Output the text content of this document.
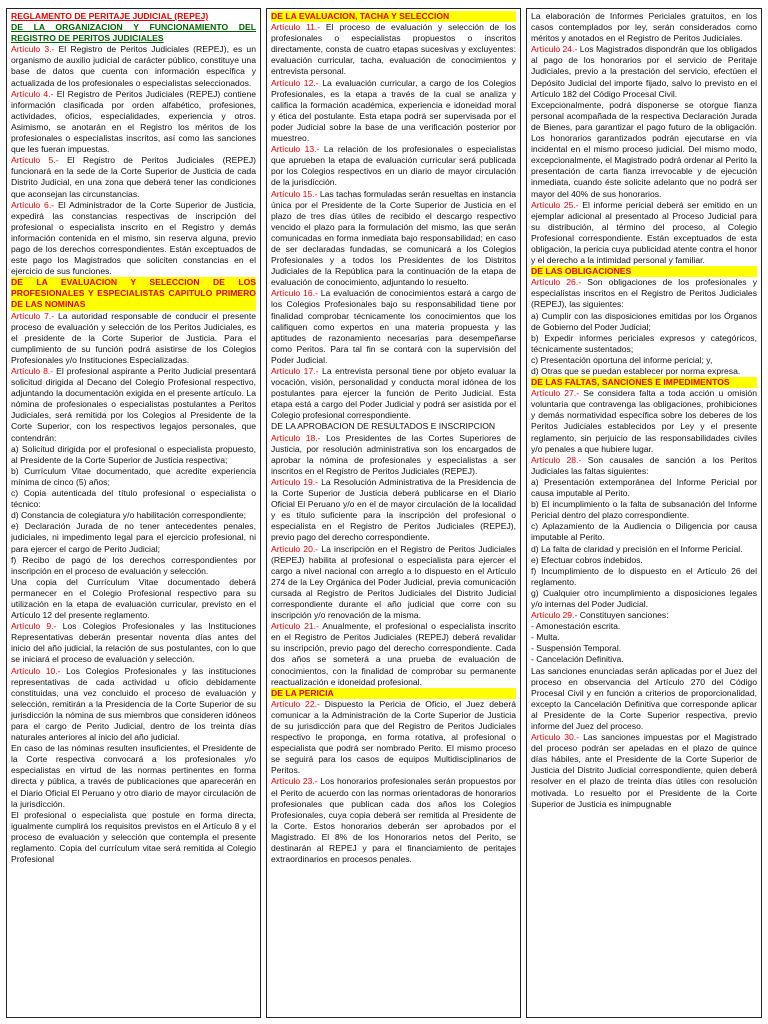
REGLAMENTO DE PERITAJE JUDICIAL (REPEJ)

DE LA ORGANIZACION Y FUNCIONAMIENTO DEL REGISTRO DE PERITOS JUDICIALES

Artículo 3.- El Registro de Peritos Judiciales (REPEJ), es un organismo de auxilio judicial de carácter público, constituye una base de datos que cuenta con información específica y actualizada de los profesionales o especialistas seleccionados.

Artículo 4.- El Registro de Peritos Judiciales (REPEJ) contiene información clasificada por orden alfabético, profesiones, actividades, oficios, especialidades, experiencia y otros. Asimismo, se anotarán en el Registro los méritos de los profesionales o especialistas inscritos, así como las sanciones que les fueran impuestas.

Artículo 5.- El Registro de Peritos Judiciales (REPEJ) funcionará en la sede de la Corte Superior de Justicia de cada Distrito Judicial, en una zona que deberá tener las condiciones que aconsejan las circunstancias.

Artículo 6.- El Administrador de la Corte Superior de Justicia, expedirá las constancias respectivas de inscripción del profesional o especialista inscrito en el Registro y demás información contenida en el mismo, sin reserva alguna, previo pago de los derechos correspondientes. Están exceptuados de este pago los Magistrados que soliciten constancias en el ejercicio de sus funciones.

DE LA EVALUACION Y SELECCION DE LOS PROFESIONALES Y ESPECIALISTAS CAPITULO PRIMERO DE LAS NOMINAS

Artículo 7.- La autoridad responsable de conducir el presente proceso de evaluación y selección de los Peritos Judiciales, es el presidente de la Corte Superior de Justicia. Para el cumplimiento de su función podrá asistirse de los Colegios Profesionales y/o Instituciones Especializadas.

Artículo 8.- El profesional aspirante a Perito Judicial presentará solicitud dirigida al Decano del Colegio Profesional respectivo, adjuntando la documentación exigida en el presente artículo. La nómina de profesionales o especialistas postulantes a Peritos Judiciales, será remitida por los Colegios al Presidente de la Corte Superior, con los respectivos legajos personales, que contendrán:

a) Solicitud dirigida por el profesional o especialista propuesto, al Presidente de la Corte Superior de Justicia respectiva;

b) Currículum Vitae documentado, que acredite experiencia mínima de cinco (5) años;

c) Copia autenticada del título profesional o especialista o técnico:

d) Constancia de colegiatura y/o habilitación correspondiente;

e) Declaración Jurada de no tener antecedentes penales, judiciales, ni impedimento legal para el ejercicio profesional, ni para ejercer el cargo de Perito Judicial;

f) Recibo de pago de los derechos correspondientes por inscripción en el proceso de evaluación y selección.

Una copia del Currículum Vitae documentado deberá permanecer en el Colegio Profesional respectivo para su utilización en la etapa de evaluación curricular, previsto en el Artículo 12 del presente reglamento.

Artículo 9.- Los Colegios Profesionales y las Instituciones Representativas deberán presentar noventa días antes del inicio del año judicial, la relación de sus postulantes, con lo que se iniciará el proceso de evaluación y selección.

Artículo 10.- Los Colegios Profesionales y las instituciones representativas de cada actividad u oficio debidamente constituidas, una vez concluido el proceso de evaluación y selección, remitirán a la Presidencia de la Corte Superior de su jurisdicción la nómina de sus miembros que consideren idóneos para el cargo de Perito Judicial, dentro de los treinta días naturales anteriores al inicio del año judicial.

En caso de las nóminas resulten insuficientes, el Presidente de la Corte respectiva convocará a los profesionales y/o especialistas en virtud de las normas pertinentes en forma directa y pública, a través de publicaciones que aparecerán en el Diario Oficial El Peruano y otro diario de mayor circulación de la jurisdicción.

El profesional o especialista que postule en forma directa, igualmente cumplirá los requisitos previstos en el Artículo 8 y el proceso de evaluación y selección que contempla el presente reglamento. Copia del currículum vitae será remitida al Colegio Profesional

DE LA EVALUACION, TACHA Y SELECCION

Artículo 11.- El proceso de evaluación y selección de los profesionales o especialistas propuestos o inscritos directamente, consta de cuatro etapas sucesivas y excluyentes: evaluación curricular, tacha, evaluación de conocimientos y entrevista personal.

Artículo 12.- La evaluación curricular, a cargo de los Colegios Profesionales, es la etapa a través de la cual se analiza y califica la formación académica, experiencia e idoneidad moral y ética del postulante. Esta etapa podrá ser supervisada por el poder Judicial sobre la base de una verificación posterior por muestreo.

Artículo 13.- La relación de los profesionales o especialistas que aprueben la etapa de evaluación curricular será publicada por los Colegios respectivos en un diario de mayor circulación de la jurisdicción.

Artículo 15.- Las tachas formuladas serán resueltas en instancia única por el Presidente de la Corte Superior de Justicia en el plazo de tres días útiles de recibido el descargo respectivo vencido el plazo para la formulación del mismo, las que serán comunicadas en forma inmediata bajo responsabilidad; en caso de ser declaradas fundadas, se comunicará a los Colegios Profesionales y a todos los Presidentes de los Distritos Judiciales de la República para la continuación de la etapa de evaluación de conocimiento, adjuntando lo resuelto.

Artículo 16.- La evaluación de conocimientos estará a cargo de los Colegios Profesionales bajo su responsabilidad tiene por finalidad comprobar técnicamente los conocimientos que los califiquen como expertos en una materia propuesta y las aptitudes de razonamiento necesarias para desempeñarse como Peritos. Para tal fin se contará con la supervisión del Poder Judicial.

Artículo 17.- La entrevista personal tiene por objeto evaluar la vocación, visión, personalidad y conducta moral idónea de los postulantes para ejercer la función de Perito Judicial. Esta etapa está a cargo del Poder Judicial y podrá ser asistida por el Colegio profesional correspondiente.

DE LA APROBACION DE RESULTADOS E INSCRIPCION

Artículo 18.- Los Presidentes de las Cortes Superiores de Justicia, por resolución administrativa son los encargados de aprobar la nómina de profesionales y especialistas a ser inscritos en el Registro de Peritos Judiciales (REPEJ).

Artículo 19.- La Resolución Administrativa de la Presidencia de la Corte Superior de Justicia deberá publicarse en el Diario Oficial El Peruano y/o en el de mayor circulación de la localidad y es título suficiente para la inscripción del profesional o especialista en el Registro de Peritos Judiciales (REPEJ), previo pago del derecho correspondiente.

Artículo 20.- La inscripción en el Registro de Peritos Judiciales (REPEJ) habilita al profesional o especialista para ejercer el cargo a nivel nacional con arreglo a lo dispuesto en el Artículo 274 de la Ley Orgánica del Poder Judicial, previa comunicación cursada al Registro de Peritos Judiciales del Distrito Judicial correspondiente durante el año judicial que corre con su inscripción y/o renovación de la misma.

Artículo 21.- Anualmente, el profesional o especialista inscrito en el Registro de Peritos Judiciales (REPEJ) deberá revalidar su inscripción, previo pago del derecho correspondiente. Cada dos años se someterá a una prueba de evaluación de conocimientos, con la finalidad de comprobar su permanente reactualización e idoneidad profesional.

DE LA PERICIA

Artículo 22.- Dispuesto la Pericia de Oficio, el Juez deberá comunicar a la Administración de la Corte Superior de Justicia de su jurisdicción para que del Registro de Peritos Judiciales respectivo le proponga, en forma rotativa, al profesional o especialista que podrá ser nombrado Perito. El mismo proceso se seguirá para los casos de equipos Multidisciplinarios de Peritos.

Artículo 23.- Los honorarios profesionales serán propuestos por el Perito de acuerdo con las normas orientadoras de honorarios profesionales que publican cada dos años los Colegios Profesionales, cuya copia deberá ser remitida al Presidente de la Corte. Estos honorarios deberán ser aprobados por el Magistrado. El 8% de los Honorarios netos del Perito, se destinarán al REPEJ y para el financiamiento de peritajes extraordinarios en procesos penales.

La elaboración de Informes Periciales gratuitos, en los casos contemplados por ley, serán considerados como méritos y anotados en el Registro de Peritos Judiciales.

Artículo 24.- Los Magistrados dispondrán que los obligados al pago de los honorarios por el servicio de Peritaje Judiciales, previo a la prestación del servicio, efectúen el Depósito Judicial del importe fijado, salvo lo previsto en el Artículo 182 del Código Procesal Civil.

Excepcionalmente, podrá disponerse se otorgue fianza personal acompañada de la respectiva Declaración Jurada de Bienes, para garantizar el pago futuro de la obligación. Los honorarios garantizados podrán ejecutarse en vía incidental en el mismo proceso judicial. Del mismo modo, excepcionalmente, el Magistrado podrá ordenar al Perito la presentación de carta fianza irrevocable y de ejecución inmediata, cuando éste solicite adelanto que no podrá ser mayor del 40% de sus honorarios.

Artículo 25.- El informe pericial deberá ser emitido en un ejemplar adicional al presentado al Proceso Judicial para su distribución, al término del proceso, al Colegio Profesional correspondiente. Están exceptuados de esta obligación, la pericia cuya publicidad atente contra el honor y el derecho a la intimidad personal y familiar.

DE LAS OBLIGACIONES

Artículo 26.- Son obligaciones de los profesionales y especialistas inscritos en el Registro de Peritos Judiciales (REPEJ), las siguientes:

a) Cumplir con las disposiciones emitidas por los Órganos de Gobierno del Poder Judicial;

b) Expedir informes periciales expresos y categóricos, técnicamente sustentados;

c) Presentación oportuna del informe pericial; y,

d) Otras que se puedan establecer por norma expresa.

DE LAS FALTAS, SANCIONES E IMPEDIMENTOS

Artículo 27.- Se considera falta a toda acción u omisión voluntaria que contravenga las obligaciones, prohibiciones y demás normatividad específica sobre los deberes de los Peritos Judiciales establecidos por Ley y el presente reglamento, sin perjuicio de las responsabilidades civiles y/o penales a que hubiere lugar.

Artículo 28.- Son causales de sanción a los Peritos Judiciales las faltas siguientes:

a) Presentación extemporánea del Informe Pericial por causa imputable al Perito.

b) El incumplimiento o la falta de subsanación del Informe Pericial dentro del plazo correspondiente.

c) Aplazamiento de la Audiencia o Diligencia por causa imputable al Perito.

d) La falta de claridad y precisión en el Informe Pericial.

e) Efectuar cobros indebidos.

f) Incumplimiento de lo dispuesto en el Artículo 26 del reglamento.

g) Cualquier otro incumplimiento a disposiciones legales y/o internas del Poder Judicial.

Artículo 29.- Constituyen sanciones:

- Amonestación escrita.

- Multa.

- Suspensión Temporal.

- Cancelación Definitiva.

Las sanciones enunciadas serán aplicadas por el Juez del proceso en observancia del Artículo 270 del Código Procesal Civil y en función a criterios de proporcionalidad, excepto la Cancelación Definitiva que corresponde aplicar al Presidente de la Corte Superior respectiva, previo informe del Juez del proceso.

Artículo 30.- Las sanciones impuestas por el Magistrado del proceso podrán ser apeladas en el plazo de quince días hábiles, ante el Presidente de la Corte Superior de Justicia del Distrito Judicial correspondiente, quien deberá resolver en el plazo de treinta días útiles con resolución motivada. Lo resuelto por el Presidente de la Corte Superior de Justicia es inimpugnable
